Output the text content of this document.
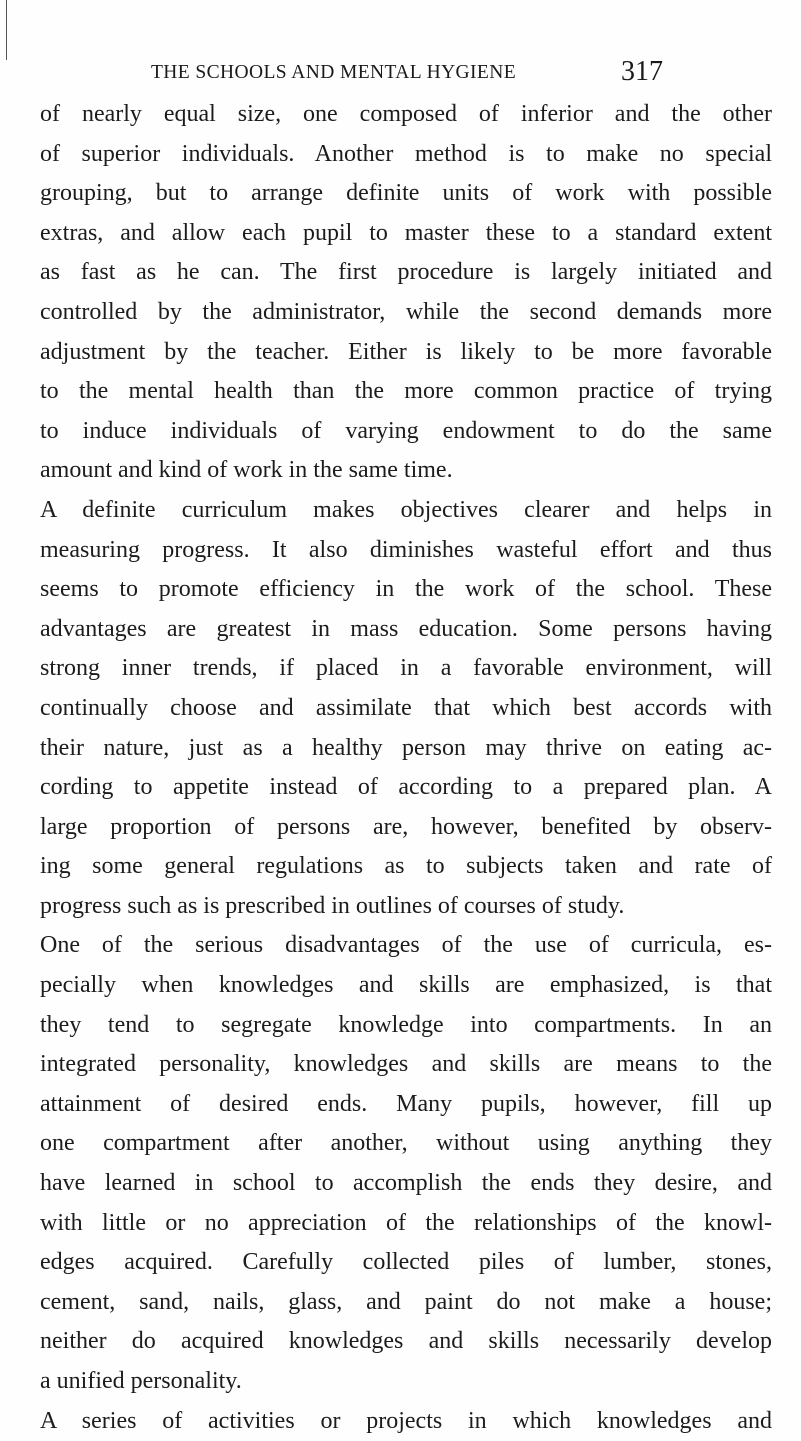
THE SCHOOLS AND MENTAL HYGIENE	317
of nearly equal size, one composed of inferior and the other
of superior individuals. Another method is to make no special
grouping, but to arrange definite units of work with possible
extras, and allow each pupil to master these to a standard extent
as fast as he can. The first procedure is largely initiated and
controlled by the administrator, while the second demands more
adjustment by the teacher. Either is likely to be more favorable
to the mental health than the more common practice of trying
to induce individuals of varying endowment to do the same
amount and kind of work in the same time.
A definite curriculum makes objectives clearer and helps in
measuring progress. It also diminishes wasteful effort and thus
seems to promote efficiency in the work of the school. These
advantages are greatest in mass education. Some persons having
strong inner trends, if placed in a favorable environment, will
continually choose and assimilate that which best accords with
their nature, just as a healthy person may thrive on eating ac-
cording to appetite instead of according to a prepared plan. A
large proportion of persons are, however, benefited by observ-
ing some general regulations as to subjects taken and rate of
progress such as is prescribed in outlines of courses of study.
One of the serious disadvantages of the use of curricula, es-
pecially when knowledges and skills are emphasized, is that
they tend to segregate knowledge into compartments. In an
integrated personality, knowledges and skills are means to the
attainment of desired ends. Many pupils, however, fill up
one compartment after another, without using anything they
have learned in school to accomplish the ends they desire, and
with little or no appreciation of the relationships of the knowl-
edges acquired. Carefully collected piles of lumber, stones,
cement, sand, nails, glass, and paint do not make a house;
neither do acquired knowledges and skills necessarily develop
a unified personality.
A series of activities or projects in which knowledges and
